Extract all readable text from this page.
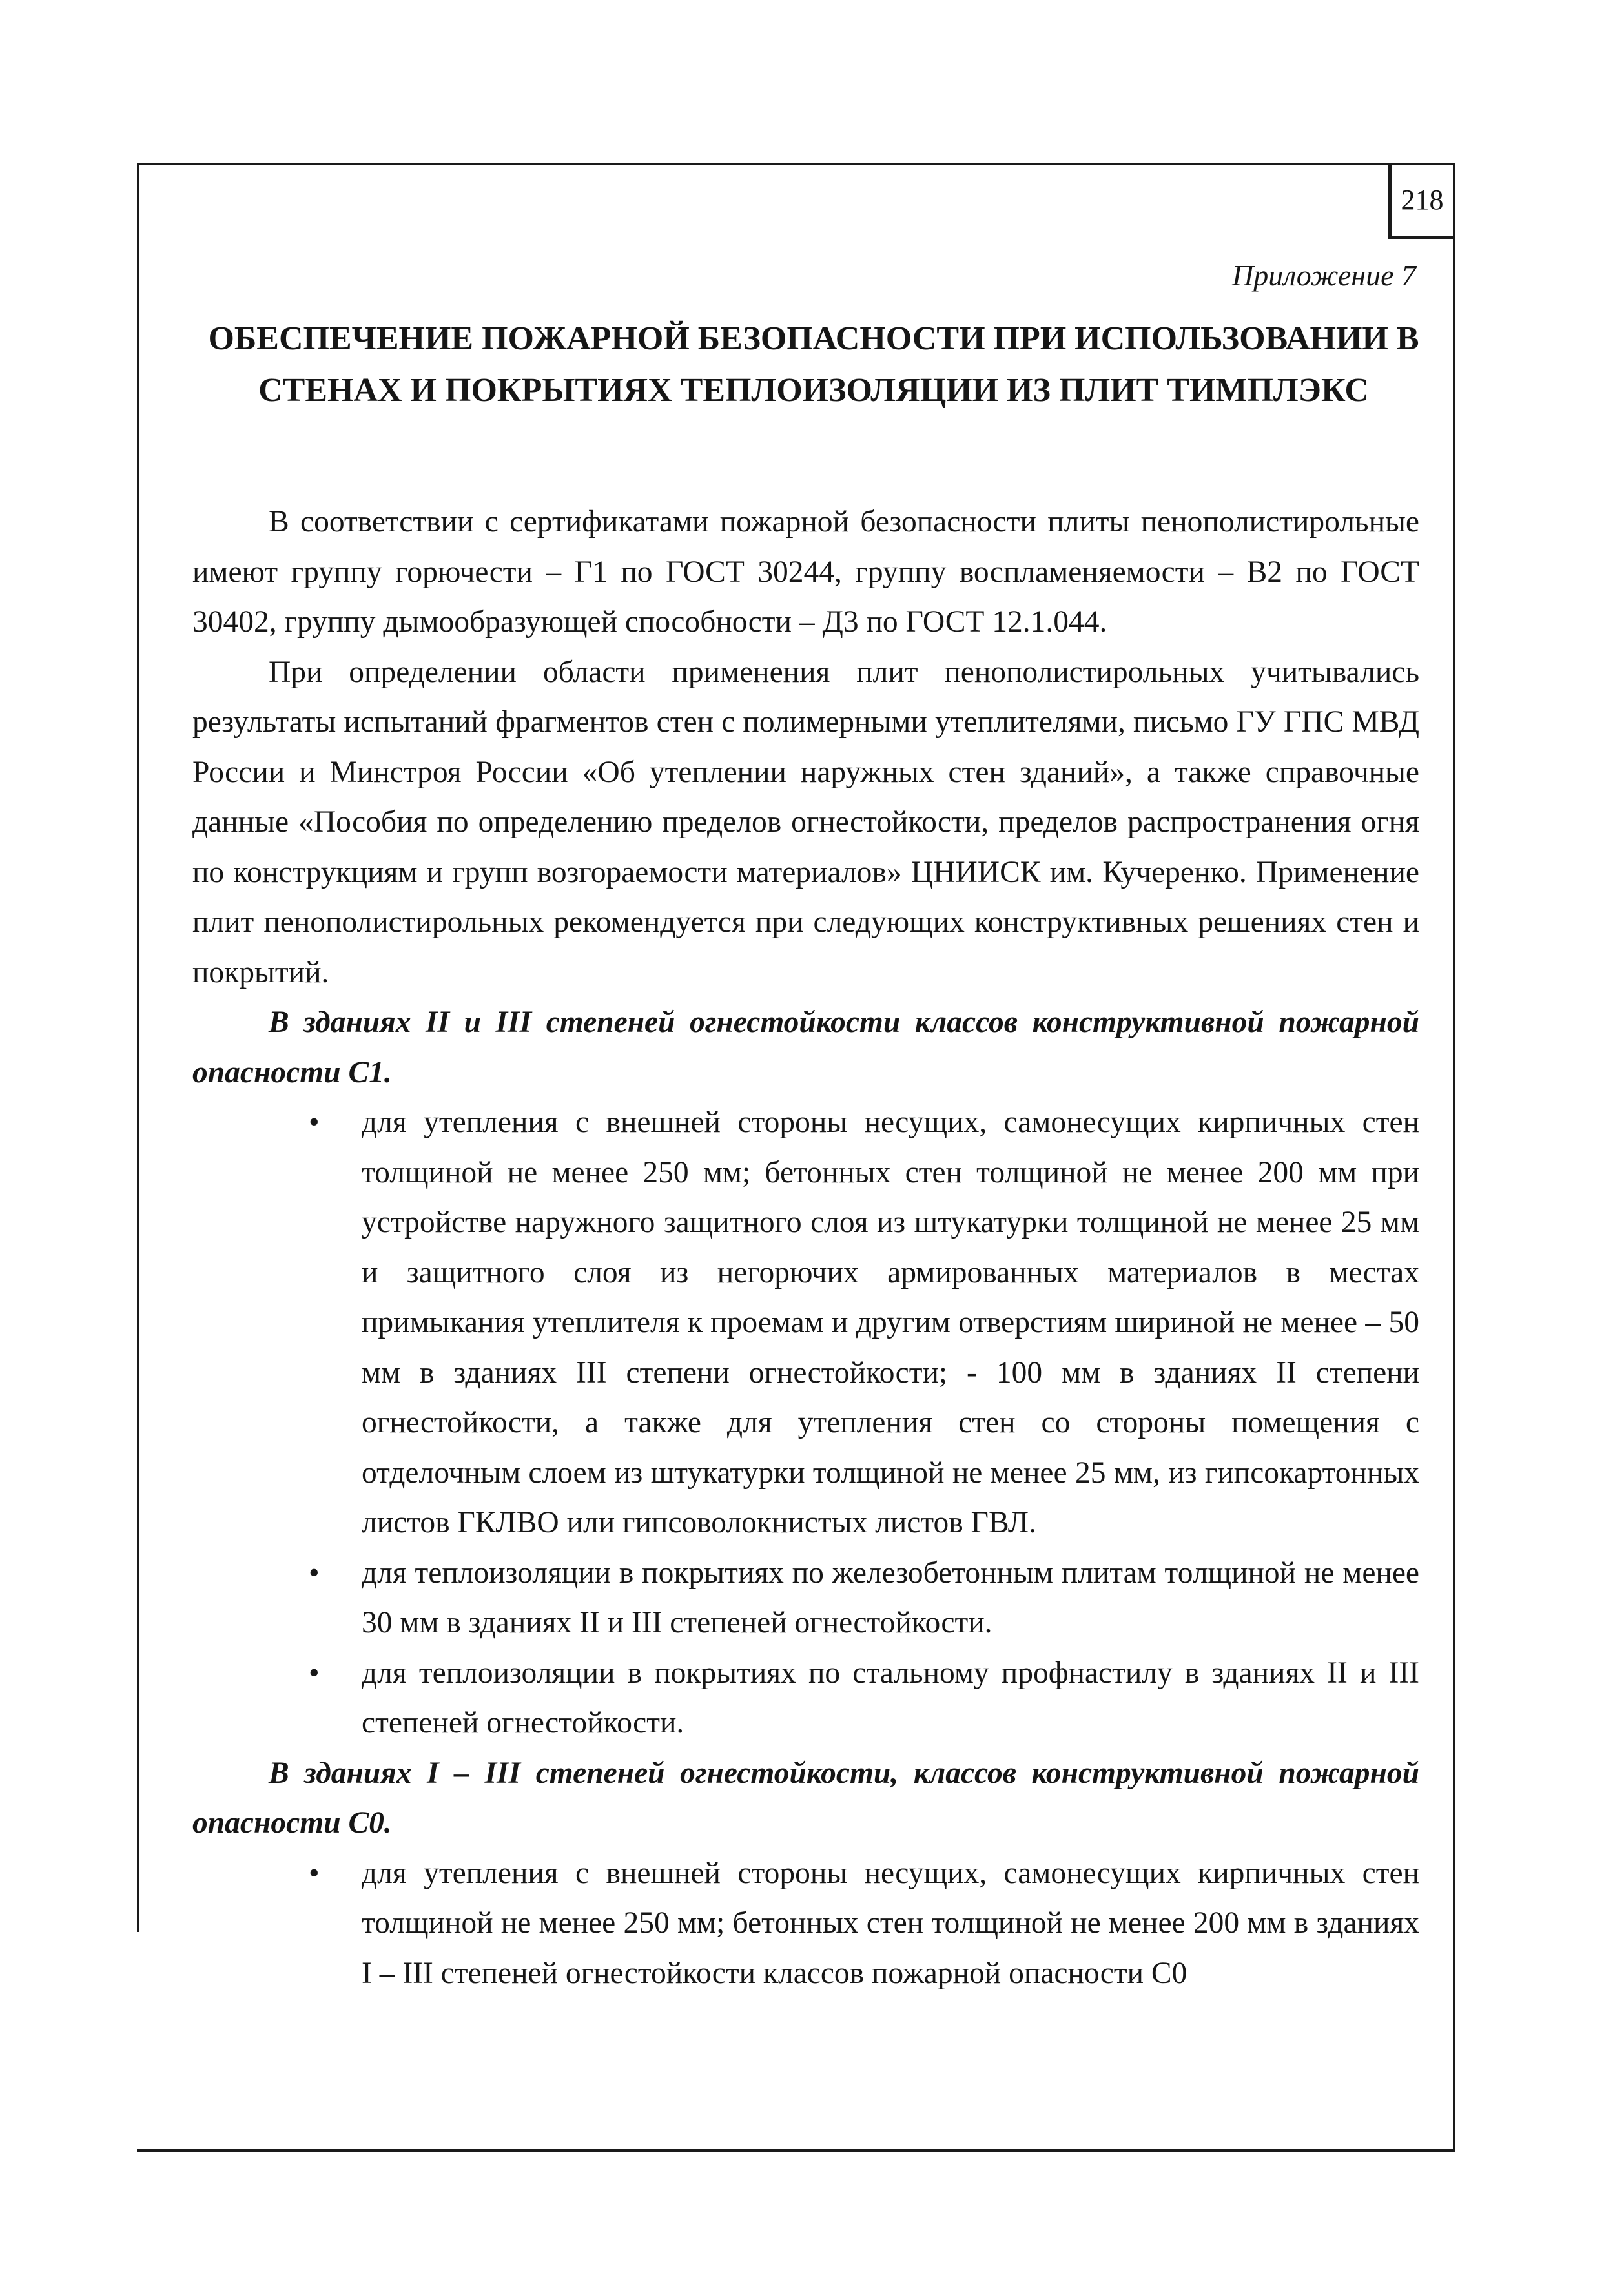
218
Приложение 7
ОБЕСПЕЧЕНИЕ ПОЖАРНОЙ БЕЗОПАСНОСТИ ПРИ ИСПОЛЬЗОВАНИИ В СТЕНАХ И ПОКРЫТИЯХ ТЕПЛОИЗОЛЯЦИИ ИЗ ПЛИТ ТИМПЛЭКС

В соответствии с сертификатами пожарной безопасности плиты пенополистирольные имеют группу горючести – Г1 по ГОСТ 30244, группу воспламеняемости – В2 по ГОСТ 30402, группу дымообразующей способности – Д3 по ГОСТ 12.1.044.

При определении области применения плит пенополистирольных учитывались результаты испытаний фрагментов стен с полимерными утеплителями, письмо ГУ ГПС МВД России и Минстроя России «Об утеплении наружных стен зданий», а также справочные данные «Пособия по определению пределов огнестойкости, пределов распространения огня по конструкциям и групп возгораемости материалов» ЦНИИСК им. Кучеренко. Применение плит пенополистирольных рекомендуется при следующих конструктивных решениях стен и покрытий.

В зданиях II и III степеней огнестойкости классов конструктивной пожарной опасности С1.

• для утепления с внешней стороны несущих, самонесущих кирпичных стен толщиной не менее 250 мм; бетонных стен толщиной не менее 200 мм при устройстве наружного защитного слоя из штукатурки толщиной не менее 25 мм и защитного слоя из негорючих армированных материалов в местах примыкания утеплителя к проемам и другим отверстиям шириной не менее – 50 мм в зданиях III степени огнестойкости; - 100 мм в зданиях II степени огнестойкости, а также для утепления стен со стороны помещения с отделочным слоем из штукатурки толщиной не менее 25 мм, из гипсокартонных листов ГКЛВО или гипсоволокнистых листов ГВЛ.
• для теплоизоляции в покрытиях по железобетонным плитам толщиной не менее 30 мм в зданиях II и III степеней огнестойкости.
• для теплоизоляции в покрытиях по стальному профнастилу в зданиях II и III степеней огнестойкости.

В зданиях I – III степеней огнестойкости, классов конструктивной пожарной опасности С0.

• для утепления с внешней стороны несущих, самонесущих кирпичных стен толщиной не менее 250 мм; бетонных стен толщиной не менее 200 мм в зданиях I – III степеней огнестойкости классов пожарной опасности С0
